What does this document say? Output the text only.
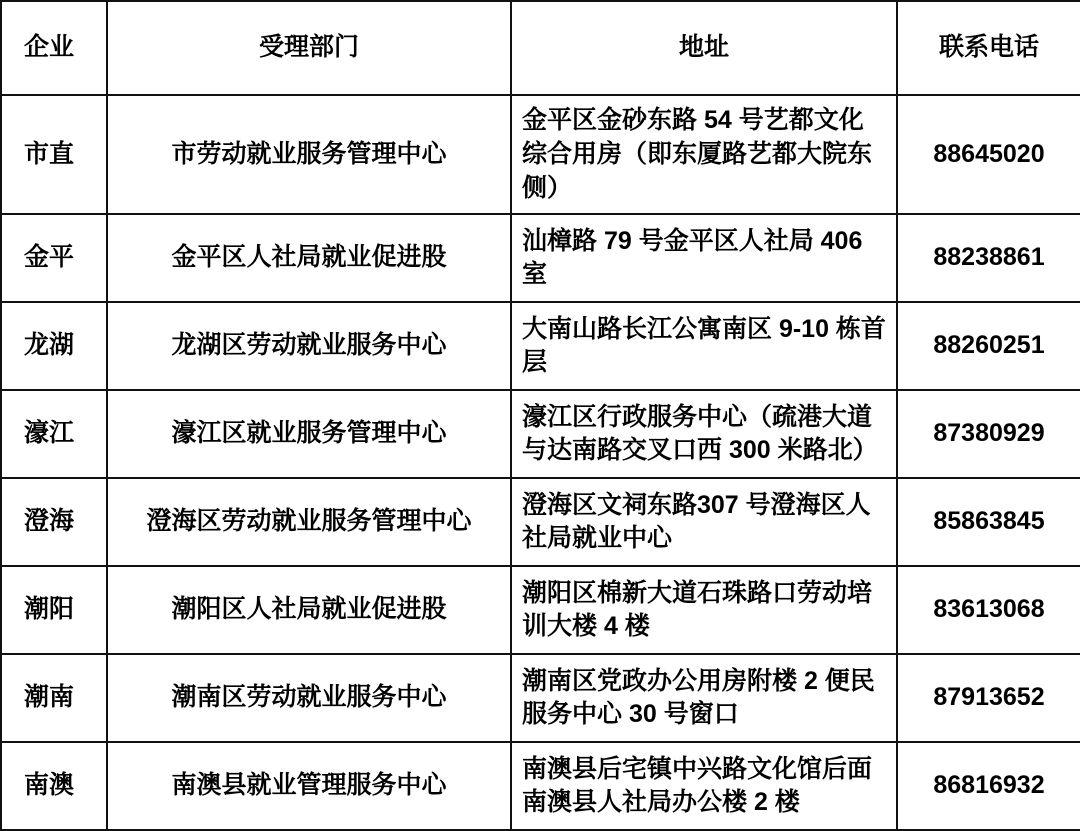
企业	受理部门	地址	联系电话
市直	市劳动就业服务管理中心	金平区金砂东路 54 号艺都文化综合用房（即东厦路艺都大院东侧）	88645020
金平	金平区人社局就业促进股	汕樟路 79 号金平区人社局 406 室	88238861
龙湖	龙湖区劳动就业服务中心	大南山路长江公寓南区 9-10 栋首层	88260251
濠江	濠江区就业服务管理中心	濠江区行政服务中心（疏港大道与达南路交叉口西 300 米路北）	87380929
澄海	澄海区劳动就业服务管理中心	澄海区文祠东路307 号澄海区人社局就业中心	85863845
潮阳	潮阳区人社局就业促进股	潮阳区棉新大道石珠路口劳动培训大楼 4 楼	83613068
潮南	潮南区劳动就业服务中心	潮南区党政办公用房附楼 2 便民服务中心 30 号窗口	87913652
南澳	南澳县就业管理服务中心	南澳县后宅镇中兴路文化馆后面南澳县人社局办公楼 2 楼	86816932
